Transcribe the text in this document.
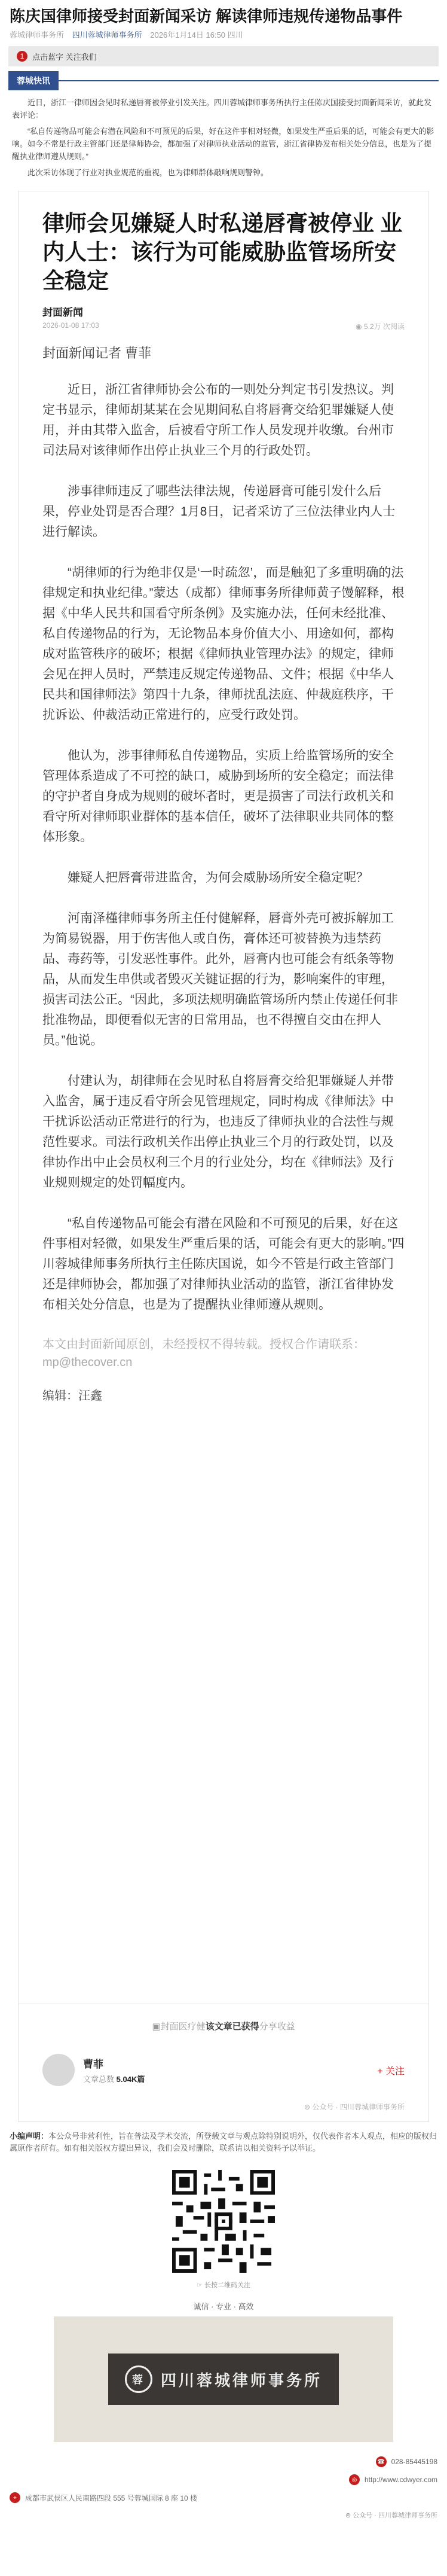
陈庆国律师接受封面新闻采访 解读律师违规传递物品事件
蓉城律师事务所 四川蓉城律师事务所 2026年1月14日 16:50 四川
1	点击蓝字 关注我们
蓉城快讯

近日，浙江一律师因会见时私递唇膏被停业引发关注。四川蓉城律师事务所执行主任陈庆国接受封面新闻采访，就此发表评论：

“私自传递物品可能会有潜在风险和不可预见的后果，好在这件事相对轻微，如果发生严重后果的话，可能会有更大的影响。如今不常是行政主管部门还是律师协会，都加强了对律师执业活动的监管，浙江省律协发布相关处分信息，也是为了提醒执业律师遵从规则。”

此次采访体现了行业对执业规范的重视，也为律师群体敲响规则警钟。

律师会见嫌疑人时私递唇膏被停业 业内人士：该行为可能威胁监管场所安全稳定
封面新闻
2026-01-08 17:03	◉ 5.2万 次阅读
封面新闻记者 曹菲

近日，浙江省律师协会公布的一则处分判定书引发热议。判定书显示，律师胡某某在会见期间私自将唇膏交给犯罪嫌疑人使用，并由其带入监舍，后被看守所工作人员发现并收缴。台州市司法局对该律师作出停止执业三个月的行政处罚。

涉事律师违反了哪些法律法规，传递唇膏可能引发什么后果，停业处罚是否合理？1月8日，记者采访了三位法律业内人士进行解读。

“胡律师的行为绝非仅是‘一时疏忽’，而是触犯了多重明确的法律规定和执业纪律。”蒙达（成都）律师事务所律师黄子馒解释，根据《中华人民共和国看守所条例》及实施办法，任何未经批准、私自传递物品的行为，无论物品本身价值大小、用途如何，都构成对监管秩序的破坏；根据《律师执业管理办法》的规定，律师会见在押人员时，严禁违反规定传递物品、文件；根据《中华人民共和国律师法》第四十九条，律师扰乱法庭、仲裁庭秩序，干扰诉讼、仲裁活动正常进行的，应受行政处罚。

他认为，涉事律师私自传递物品，实质上给监管场所的安全管理体系造成了不可控的缺口，威胁到场所的安全稳定；而法律的守护者自身成为规则的破坏者时，更是损害了司法行政机关和看守所对律师职业群体的基本信任，破坏了法律职业共同体的整体形象。

嫌疑人把唇膏带进监舍，为何会威胁场所安全稳定呢？

河南泽槿律师事务所主任付健解释，唇膏外壳可被拆解加工为简易锐器，用于伤害他人或自伤，膏体还可被替换为违禁药品、毒药等，引发恶性事件。此外，唇膏内也可能会有纸条等物品，从而发生串供或者毁灭关键证据的行为，影响案件的审理，损害司法公正。“因此，多项法规明确监管场所内禁止传递任何非批准物品，即便看似无害的日常用品，也不得擅自交由在押人员。”他说。

付建认为，胡律师在会见时私自将唇膏交给犯罪嫌疑人并带入监舍，属于违反看守所会见管理规定，同时构成《律师法》中干扰诉讼活动正常进行的行为，也违反了律师执业的合法性与规范性要求。司法行政机关作出停止执业三个月的行政处罚，以及律协作出中止会员权利三个月的行业处分，均在《律师法》及行业规则规定的处罚幅度内。

“私自传递物品可能会有潜在风险和不可预见的后果，好在这件事相对轻微，如果发生严重后果的话，可能会有更大的影响。”四川蓉城律师事务所执行主任陈庆国说，如今不管是行政主管部门还是律师协会，都加强了对律师执业活动的监管，浙江省律协发布相关处分信息，也是为了提醒执业律师遵从规则。

本文由封面新闻原创，未经授权不得转载。授权合作请联系：mp@thecover.cn
编辑：汪鑫
▣ 封面医疗健 该文章已获得 分享收益
曹菲
文章总数 5.04K篇
+ 关注
⊚ 公众号 · 四川蓉城律师事务所
小编声明：本公众号非营利性，旨在普法及学术交流，所登载文章与观点除特别说明外，仅代表作者本人观点，相应的版权归属原作者所有。如有相关版权方提出异议，我们会及时删除，联系请以相关资料予以举证。
☞ 长按二维码关注
诚信 · 专业 · 高效
蓉	四川蓉城律师事务所
☎ 028-85445198
◎	http://www.cdwyer.com
⌖	成都市武侯区人民南路四段 555 号蓉城国际 8 座 10 楼
⊚ 公众号 · 四川蓉城律师事务所
